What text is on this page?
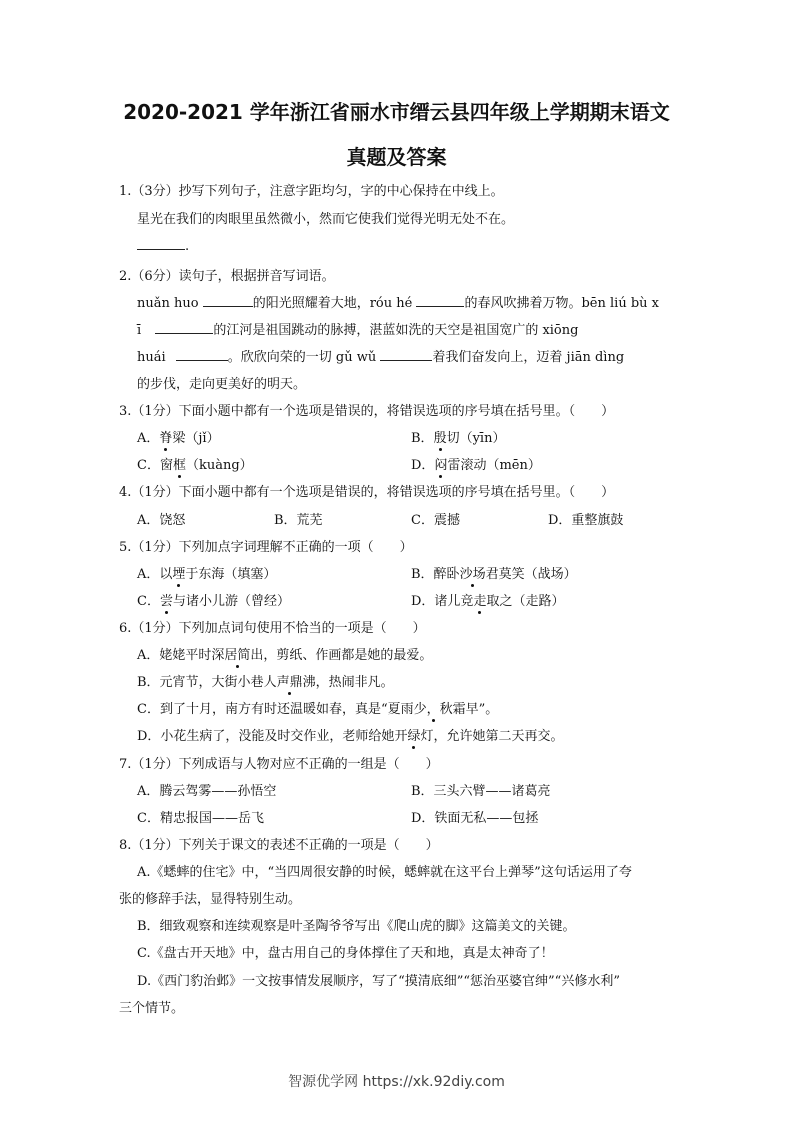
2020-2021 学年浙江省丽水市缙云县四年级上学期期末语文
真题及答案
1.（3分）抄写下列句子，注意字距均匀，字的中心保持在中线上。
星光在我们的肉眼里虽然微小，然而它使我们觉得光明无处不在。
.
2.（6分）读句子，根据拼音写词语。
nuǎn huo	的阳光照耀着大地，róu hé	的春风吹拂着万物。bēn liú bù x
ī	的江河是祖国跳动的脉搏，湛蓝如洗的天空是祖国宽广的 xiōng
huái	。欣欣向荣的一切 gǔ wǔ	着我们奋发向上，迈着 jiān dìng
的步伐，走向更美好的明天。
3.（1分）下面小题中都有一个选项是错误的，将错误选项的序号填在括号里。（　　）
A．脊梁（jǐ）	B．殷切（yīn）
C．窗框（kuàng）	D．闷雷滚动（mēn）
4.（1分）下面小题中都有一个选项是错误的，将错误选项的序号填在括号里。（　　）
A．饶怒	B．荒芜	C．震撼	D．重整旗鼓
5.（1分）下列加点字词理解不正确的一项（　　）
A．以堙于东海（填塞）	B．醉卧沙场君莫笑（战场）
C．尝与诸小儿游（曾经）	D．诸儿竞走取之（走路）
6.（1分）下列加点词句使用不恰当的一项是（　　）
A．姥姥平时深居简出，剪纸、作画都是她的最爱。
B．元宵节，大街小巷人声鼎沸，热闹非凡。
C．到了十月，南方有时还温暖如春，真是“夏雨少，秋霜早”。
D．小花生病了，没能及时交作业，老师给她开绿灯，允许她第二天再交。
7.（1分）下列成语与人物对应不正确的一组是（　　）
A．腾云驾雾——孙悟空	B．三头六臂——诸葛亮
C．精忠报国——岳飞	D．铁面无私——包拯
8.（1分）下列关于课文的表述不正确的一项是（　　）
A.《蟋蟀的住宅》中，“当四周很安静的时候，蟋蟀就在这平台上弹琴”这句话运用了夸
张的修辞手法，显得特别生动。
B．细致观察和连续观察是叶圣陶爷爷写出《爬山虎的脚》这篇美文的关键。
C.《盘古开天地》中，盘古用自己的身体撑住了天和地，真是太神奇了！
D.《西门豹治邺》一文按事情发展顺序，写了“摸清底细”“惩治巫婆官绅”“兴修水利”
三个情节。
智源优学网 https://xk.92diy.com
